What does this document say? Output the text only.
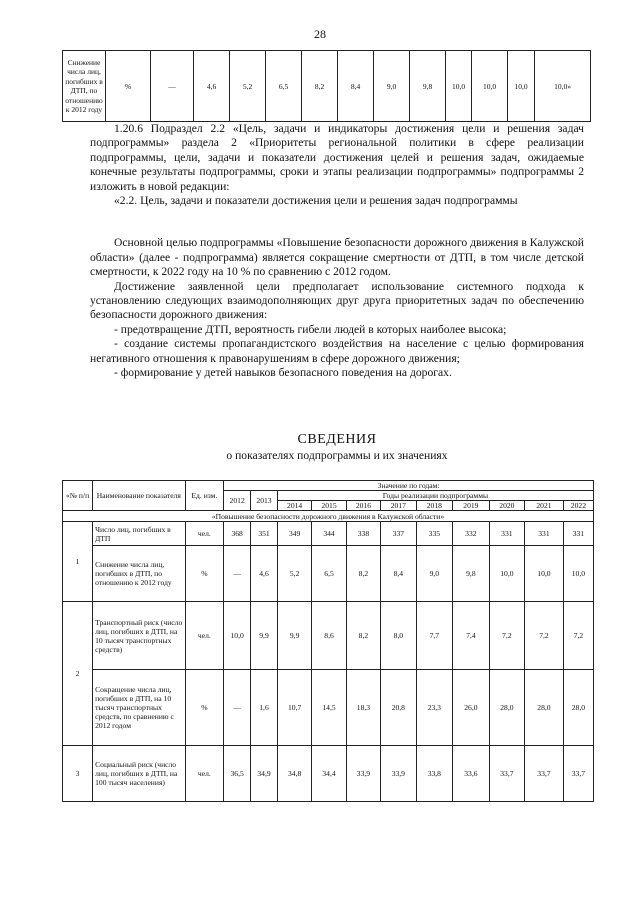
28
Снижение числа лиц, погибших в ДТП, по отношению к 2012 году	%	—	4,6	5,2	6,5	8,2	8,4	9,0	9,8	10,0	10,0	10,0	10,0»

1.20.6 Подраздел 2.2 «Цель, задачи и индикаторы достижения цели и решения задач подпрограммы» раздела 2 «Приоритеты региональной политики в сфере реализации подпрограммы, цели, задачи и показатели достижения целей и решения задач, ожидаемые конечные результаты подпрограммы, сроки и этапы реализации подпрограммы» подпрограммы 2 изложить в новой редакции:

«2.2. Цель, задачи и показатели достижения цели и решения задач подпрограммы

Основной целью подпрограммы «Повышение безопасности дорожного движения в Калужской области» (далее - подпрограмма) является сокращение смертности от ДТП, в том числе детской смертности, к 2022 году на 10 % по сравнению с 2012 годом.

Достижение заявленной цели предполагает использование системного подхода к установлению следующих взаимодополняющих друг друга приоритетных задач по обеспечению безопасности дорожного движения:

- предотвращение ДТП, вероятность гибели людей в которых наиболее высока;

- создание системы пропагандистского воздействия на население с целью формирования негативного отношения к правонарушениям в сфере дорожного движения;

- формирование у детей навыков безопасного поведения на дорогах.

СВЕДЕНИЯ
о показателях подпрограммы и их значениях
«№ п/п	Наименование показателя	Ед. изм.	Значение по годам:										
			2012	2013	Годы реализации подпрограммы								
					2014	2015	2016	2017	2018	2019	2020	2021	2022
«Повышение безопасности дорожного движения в Калужской области»													
1	Число лиц, погибших в ДТП	чел.	368	351	349	344	338	337	335	332	331	331	331
	Снижение числа лиц, погибших в ДТП, по отношению к 2012 году	%	—	4,6	5,2	6,5	8,2	8,4	9,0	9,8	10,0	10,0	10,0
2	Транспортный риск (число лиц, погибших в ДТП, на 10 тысяч транспортных средств)	чел.	10,0	9,9	9,9	8,6	8,2	8,0	7,7	7,4	7,2	7,2	7,2
	Сокращение числа лиц, погибших в ДТП, на 10 тысяч транспортных средств, по сравнению с 2012 годом	%	—	1,6	10,7	14,5	18,3	20,8	23,3	26,0	28,0	28,0	28,0
3	Социальный риск (число лиц, погибших в ДТП, на 100 тысяч населения)	чел.	36,5	34,9	34,8	34,4	33,9	33,9	33,8	33,6	33,7	33,7	33,7
